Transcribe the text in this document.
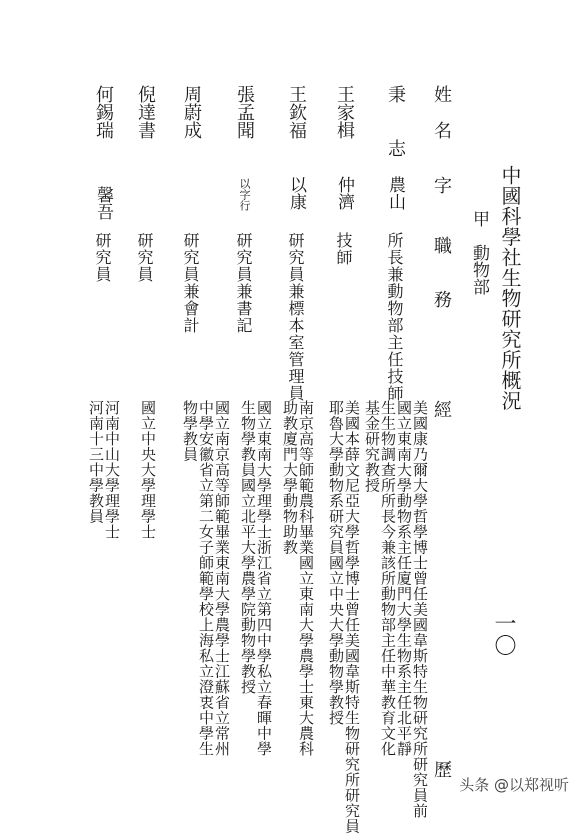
中國科學社生物研究所概況
甲　動物部
姓　名
字
職　　務
經　　　　　　　　　　　　　　　　　　　歷
秉　　志
農山
所長兼動物部主任技師
美國康乃爾大學哲學博士曾任美國韋斯特生物研究所研究員前
國立東南大學動物系主任廈門大學生物系主任北平靜
生生物調查所所長今兼該所動物部主任中華教育文化
基金研究教授
王家楫
仲濟
技師
美國本薛文尼亞大學哲學博士曾任美國韋斯特生物研究所研究員
耶魯大學動物系研究員國立中央大學動物學教授
王欽福
以康
研究員兼標本室管理員
南京高等師範農科畢業國立東南大學農學士東大農科
助教廈門大學動物助教
張孟聞
以字行
研究員兼書記
國立東南大學理學士浙江省立第四中學私立春暉中學
生物學教員國立北平大學農學院動物學教授
周蔚成
研究員兼會計
國立南京高等師範畢業東南大學農學士江蘇省立常州
中學安徽省立第二女子師範學校上海私立澄衷中學生
物學教員
倪達書
研究員
國立中央大學理學士
何錫瑞
馨吾
研究員
河南中山大學理學士
河南十三中學教員
一〇
头条 @以郑视听
